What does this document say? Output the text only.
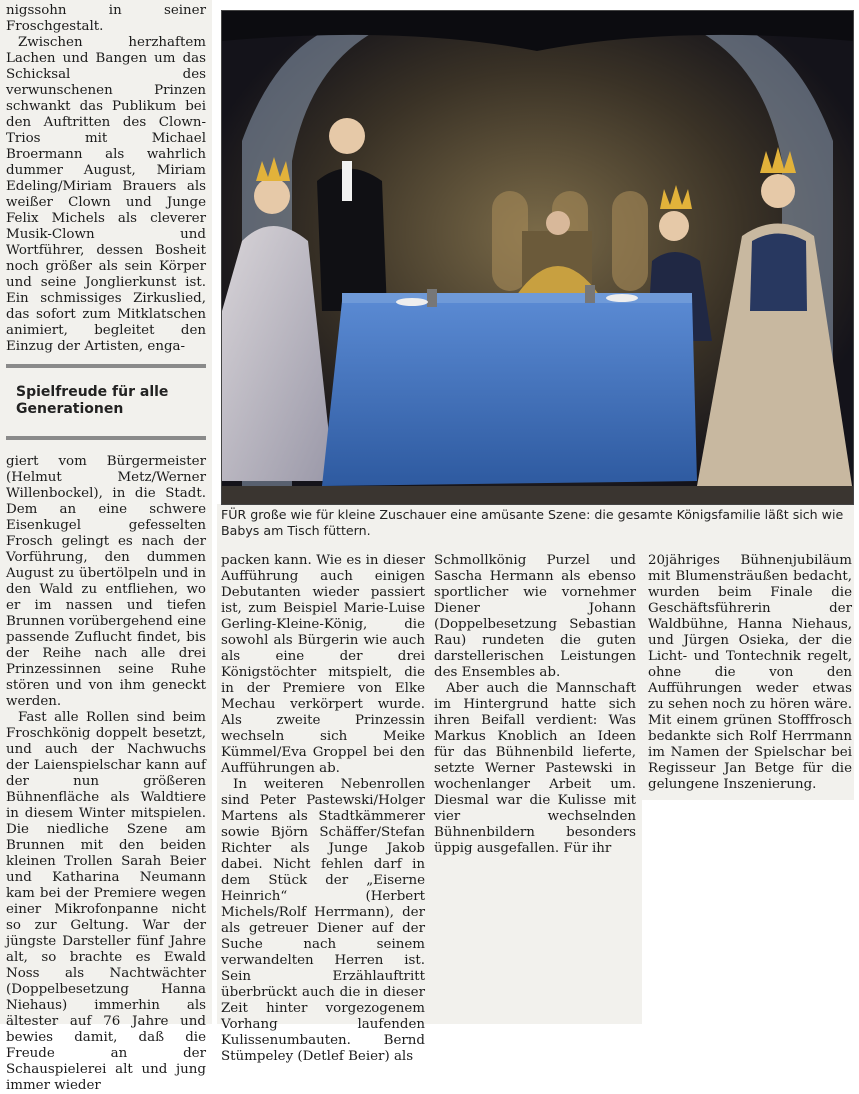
nigssohn in seiner Froschgestalt.

Zwischen herzhaftem Lachen und Bangen um das Schicksal des verwunschenen Prinzen schwankt das Publikum bei den Auftritten des Clown-Trios mit Michael Broermann als wahrlich dummer August, Miriam Edeling/Miriam Brauers als weißer Clown und Junge Felix Michels als cleverer Musik-Clown und Wortführer, dessen Bosheit noch größer als sein Körper und seine Jonglierkunst ist. Ein schmissiges Zirkuslied, das sofort zum Mitklatschen animiert, begleitet den Einzug der Artisten, enga-

Spielfreude für alle Generationen

giert vom Bürgermeister (Helmut Metz/Werner Willenbockel), in die Stadt. Dem an eine schwere Eisenkugel gefesselten Frosch gelingt es nach der Vorführung, den dummen August zu übertölpeln und in den Wald zu entfliehen, wo er im nassen und tiefen Brunnen vorübergehend eine passende Zuflucht findet, bis der Reihe nach alle drei Prinzessinnen seine Ruhe stören und von ihm geneckt werden.

Fast alle Rollen sind beim Froschkönig doppelt besetzt, und auch der Nachwuchs der Laienspielschar kann auf der nun größeren Bühnenfläche als Waldtiere in diesem Winter mitspielen. Die niedliche Szene am Brunnen mit den beiden kleinen Trollen Sarah Beier und Katharina Neumann kam bei der Premiere wegen einer Mikrofonpanne nicht so zur Geltung. War der jüngste Darsteller fünf Jahre alt, so brachte es Ewald Noss als Nachtwächter (Doppelbesetzung Hanna Niehaus) immerhin als ältester auf 76 Jahre und bewies damit, daß die Freude an der Schauspielerei alt und jung immer wieder

FÜR große wie für kleine Zuschauer eine amüsante Szene: die gesamte Königsfamilie läßt sich wie Babys am Tisch füttern.

packen kann. Wie es in dieser Aufführung auch einigen Debutanten wieder passiert ist, zum Beispiel Marie-Luise Gerling-Kleine-König, die sowohl als Bürgerin wie auch als eine der drei Königstöchter mitspielt, die in der Premiere von Elke Mechau verkörpert wurde. Als zweite Prinzessin wechseln sich Meike Kümmel/Eva Groppel bei den Aufführungen ab.

In weiteren Nebenrollen sind Peter Pastewski/Holger Martens als Stadtkämmerer sowie Björn Schäffer/Stefan Richter als Junge Jakob dabei. Nicht fehlen darf in dem Stück der „Eiserne Heinrich“ (Herbert Michels/Rolf Herrmann), der als getreuer Diener auf der Suche nach seinem verwandelten Herren ist. Sein Erzählauftritt überbrückt auch die in dieser Zeit hinter vorgezogenem Vorhang laufenden Kulissenumbauten. Bernd Stümpeley (Detlef Beier) als

Schmollkönig Purzel und Sascha Hermann als ebenso sportlicher wie vornehmer Diener Johann (Doppelbesetzung Sebastian Rau) rundeten die guten darstellerischen Leistungen des Ensembles ab.

Aber auch die Mannschaft im Hintergrund hatte sich ihren Beifall verdient: Was Markus Knoblich an Ideen für das Bühnenbild lieferte, setzte Werner Pastewski in wochenlanger Arbeit um. Diesmal war die Kulisse mit vier wechselnden Bühnenbildern besonders üppig ausgefallen. Für ihr

20jähriges Bühnenjubiläum mit Blumensträußen bedacht, wurden beim Finale die Geschäftsführerin der Waldbühne, Hanna Niehaus, und Jürgen Osieka, der die Licht- und Tontechnik regelt, ohne die von den Aufführungen weder etwas zu sehen noch zu hören wäre. Mit einem grünen Stofffrosch bedankte sich Rolf Herrmann im Namen der Spielschar bei Regisseur Jan Betge für die gelungene Inszenierung.
